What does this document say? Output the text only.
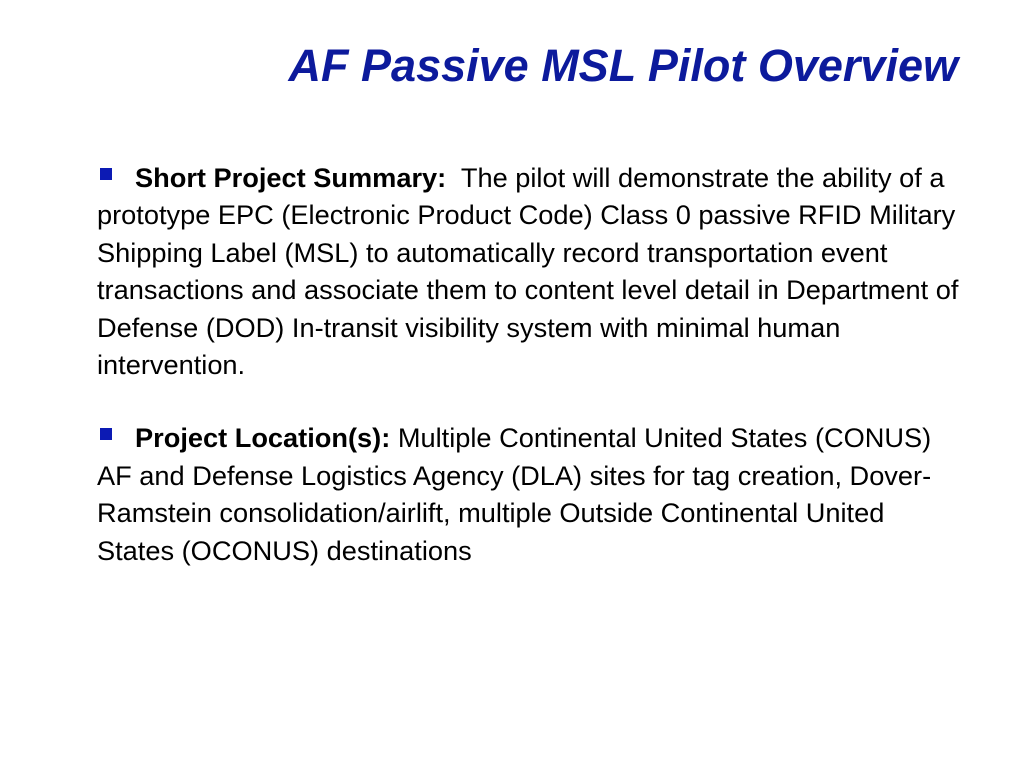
AF Passive MSL Pilot Overview
Short Project Summary: The pilot will demonstrate the ability of a prototype EPC (Electronic Product Code) Class 0 passive RFID Military Shipping Label (MSL) to automatically record transportation event transactions and associate them to content level detail in Department of Defense (DOD) In-transit visibility system with minimal human intervention.
Project Location(s): Multiple Continental United States (CONUS) AF and Defense Logistics Agency (DLA) sites for tag creation, Dover-Ramstein consolidation/airlift, multiple Outside Continental United States (OCONUS) destinations
